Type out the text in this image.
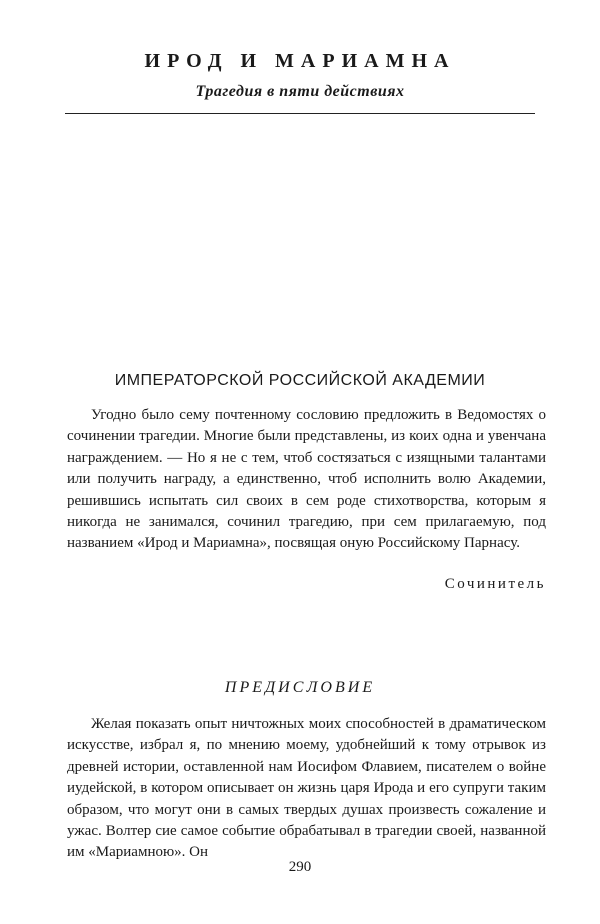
ИРОД И МАРИАМНА
Трагедия в пяти действиях
ИМПЕРАТОРСКОЙ РОССИЙСКОЙ АКАДЕМИИ
Угодно было сему почтенному сословию предложить в Ведомостях о сочинении трагедии. Многие были представлены, из коих одна и увенчана награждением. — Но я не с тем, чтоб состязаться с изящными талантами или получить награду, а единственно, чтоб исполнить волю Академии, решившись испытать сил своих в сем роде стихотворства, которым я никогда не занимался, сочинил трагедию, при сем прилагаемую, под названием «Ирод и Мариамна», посвящая оную Российскому Парнасу.
Сочинитель
ПРЕДИСЛОВИЕ
Желая показать опыт ничтожных моих способностей в драматическом искусстве, избрал я, по мнению моему, удобнейший к тому отрывок из древней истории, оставленной нам Иосифом Флавием, писателем о войне иудейской, в котором описывает он жизнь царя Ирода и его супруги таким образом, что могут они в самых твердых душах произвесть сожаление и ужас. Волтер сие самое событие обрабатывал в трагедии своей, названной им «Мариамною». Он
290
